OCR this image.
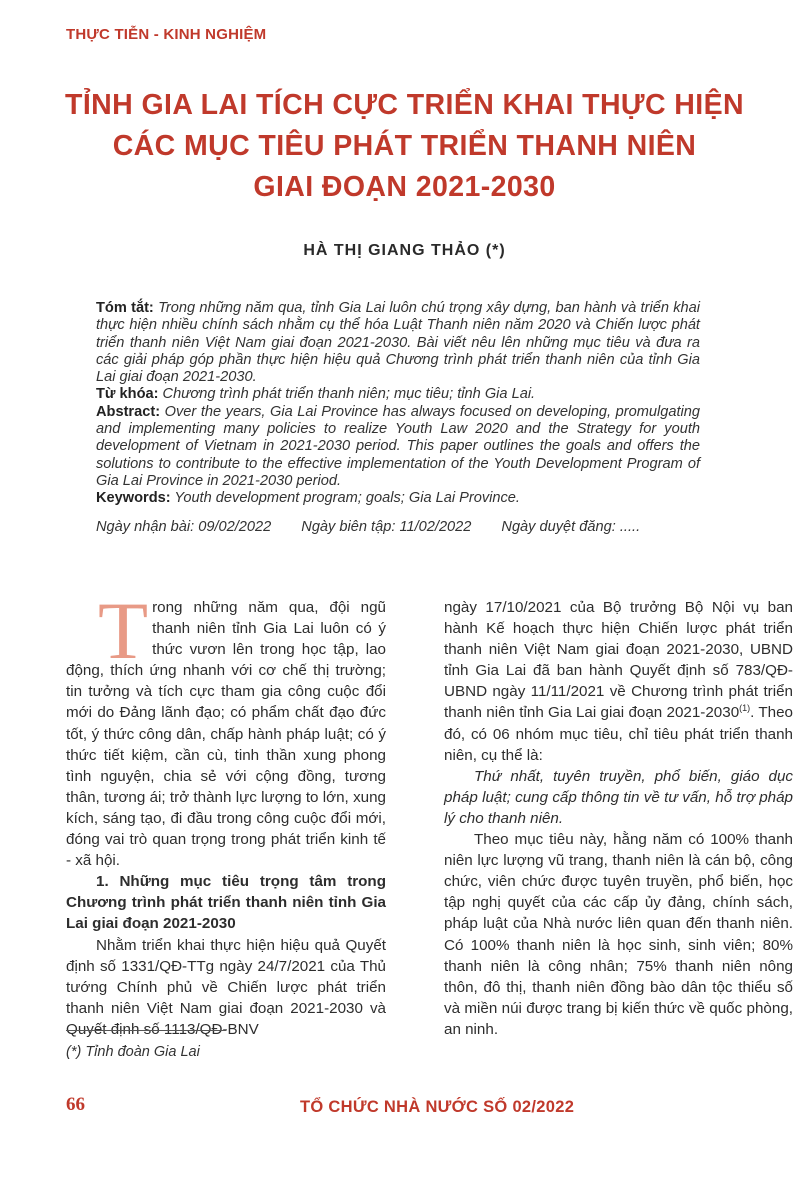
THỰC TIỄN - KINH NGHIỆM
TỈNH GIA LAI TÍCH CỰC TRIỂN KHAI THỰC HIỆN
CÁC MỤC TIÊU PHÁT TRIỂN THANH NIÊN
GIAI ĐOẠN 2021-2030
HÀ THỊ GIANG THẢO (*)

Tóm tắt: Trong những năm qua, tỉnh Gia Lai luôn chú trọng xây dựng, ban hành và triển khai thực hiện nhiều chính sách nhằm cụ thể hóa Luật Thanh niên năm 2020 và Chiến lược phát triển thanh niên Việt Nam giai đoạn 2021-2030. Bài viết nêu lên những mục tiêu và đưa ra các giải pháp góp phần thực hiện hiệu quả Chương trình phát triển thanh niên của tỉnh Gia Lai giai đoạn 2021-2030.

Từ khóa: Chương trình phát triển thanh niên; mục tiêu; tỉnh Gia Lai.

Abstract: Over the years, Gia Lai Province has always focused on developing, promulgating and implementing many policies to realize Youth Law 2020 and the Strategy for youth development of Vietnam in 2021-2030 period. This paper outlines the goals and offers the solutions to contribute to the effective implementation of the Youth Development Program of Gia Lai Province in 2021-2030 period.

Keywords: Youth development program; goals; Gia Lai Province.

Ngày nhận bài: 09/02/2022 Ngày biên tập: 11/02/2022 Ngày duyệt đăng: .....

Trong những năm qua, đội ngũ thanh niên tỉnh Gia Lai luôn có ý thức vươn lên trong học tập, lao động, thích ứng nhanh với cơ chế thị trường; tin tưởng và tích cực tham gia công cuộc đổi mới do Đảng lãnh đạo; có phẩm chất đạo đức tốt, ý thức công dân, chấp hành pháp luật; có ý thức tiết kiệm, cần cù, tinh thần xung phong tình nguyện, chia sẻ với cộng đồng, tương thân, tương ái; trở thành lực lượng to lớn, xung kích, sáng tạo, đi đầu trong công cuộc đổi mới, đóng vai trò quan trọng trong phát triển kinh tế - xã hội.

1. Những mục tiêu trọng tâm trong Chương trình phát triển thanh niên tỉnh Gia Lai giai đoạn 2021-2030

Nhằm triển khai thực hiện hiệu quả Quyết định số 1331/QĐ-TTg ngày 24/7/2021 của Thủ tướng Chính phủ về Chiến lược phát triển thanh niên Việt Nam giai đoạn 2021-2030 và Quyết định số 1113/QĐ-BNV

ngày 17/10/2021 của Bộ trưởng Bộ Nội vụ ban hành Kế hoạch thực hiện Chiến lược phát triển thanh niên Việt Nam giai đoạn 2021-2030, UBND tỉnh Gia Lai đã ban hành Quyết định số 783/QĐ-UBND ngày 11/11/2021 về Chương trình phát triển thanh niên tỉnh Gia Lai giai đoạn 2021-2030$^{(1)}$. Theo đó, có 06 nhóm mục tiêu, chỉ tiêu phát triển thanh niên, cụ thể là:

Thứ nhất, tuyên truyền, phổ biến, giáo dục pháp luật; cung cấp thông tin về tư vấn, hỗ trợ pháp lý cho thanh niên.

Theo mục tiêu này, hằng năm có 100% thanh niên lực lượng vũ trang, thanh niên là cán bộ, công chức, viên chức được tuyên truyền, phổ biến, học tập nghị quyết của các cấp ủy đảng, chính sách, pháp luật của Nhà nước liên quan đến thanh niên. Có 100% thanh niên là học sinh, sinh viên; 80% thanh niên là công nhân; 75% thanh niên nông thôn, đô thị, thanh niên đồng bào dân tộc thiểu số và miền núi được trang bị kiến thức về quốc phòng, an ninh.

(*) Tỉnh đoàn Gia Lai
66	TỔ CHỨC NHÀ NƯỚC SỐ 02/2022
